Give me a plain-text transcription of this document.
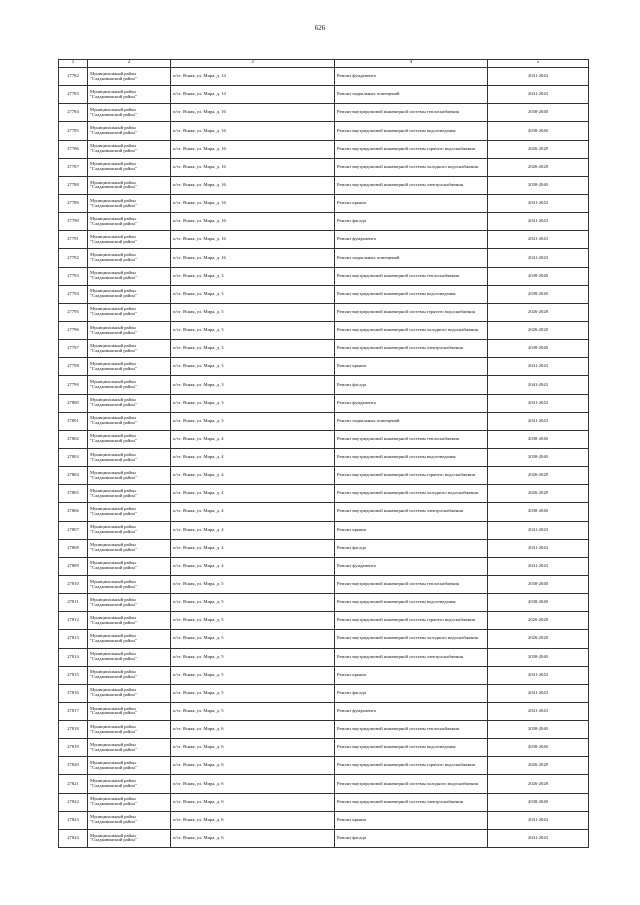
626
1	2	3	4	5
27782	Муниципальный район
"Сладковинский район"	п/ст. Ясная, ул. Мира, д. 14	Ремонт фундамента	2041-2043
27783	Муниципальный район
"Сладковинский район"	п/ст. Ясная, ул. Мира, д. 14	Ремонт подвальных помещений	2041-2043
27784	Муниципальный район
"Сладковинский район"	п/ст. Ясная, ул. Мира, д. 16	Ремонт внутридомовой инженерной системы теплоснабжения	2038-2040
27785	Муниципальный район
"Сладковинский район"	п/ст. Ясная, ул. Мира, д. 16	Ремонт внутридомовой инженерной системы водоотведения	2038-2040
27786	Муниципальный район
"Сладковинский район"	п/ст. Ясная, ул. Мира, д. 16	Ремонт внутридомовой инженерной системы горячего водоснабжения	2026-2028
27787	Муниципальный район
"Сладковинский район"	п/ст. Ясная, ул. Мира, д. 16	Ремонт внутридомовой инженерной системы холодного водоснабжения	2026-2028
27788	Муниципальный район
"Сладковинский район"	п/ст. Ясная, ул. Мира, д. 16	Ремонт внутридомовой инженерной системы электроснабжения	2038-2040
27789	Муниципальный район
"Сладковинский район"	п/ст. Ясная, ул. Мира, д. 16	Ремонт крыши	2041-2043
27790	Муниципальный район
"Сладковинский район"	п/ст. Ясная, ул. Мира, д. 16	Ремонт фасада	2041-2043
27791	Муниципальный район
"Сладковинский район"	п/ст. Ясная, ул. Мира, д. 16	Ремонт фундамента	2041-2043
27792	Муниципальный район
"Сладковинский район"	п/ст. Ясная, ул. Мира, д. 16	Ремонт подвальных помещений	2041-2043
27793	Муниципальный район
"Сладковинский район"	п/ст. Ясная, ул. Мира, д. 3	Ремонт внутридомовой инженерной системы теплоснабжения	2038-2040
27794	Муниципальный район
"Сладковинский район"	п/ст. Ясная, ул. Мира, д. 3	Ремонт внутридомовой инженерной системы водоотведения	2038-2040
27795	Муниципальный район
"Сладковинский район"	п/ст. Ясная, ул. Мира, д. 3	Ремонт внутридомовой инженерной системы горячего водоснабжения	2026-2028
27796	Муниципальный район
"Сладковинский район"	п/ст. Ясная, ул. Мира, д. 3	Ремонт внутридомовой инженерной системы холодного водоснабжения	2026-2028
27797	Муниципальный район
"Сладковинский район"	п/ст. Ясная, ул. Мира, д. 3	Ремонт внутридомовой инженерной системы электроснабжения	2038-2040
27798	Муниципальный район
"Сладковинский район"	п/ст. Ясная, ул. Мира, д. 3	Ремонт крыши	2041-2043
27799	Муниципальный район
"Сладковинский район"	п/ст. Ясная, ул. Мира, д. 3	Ремонт фасада	2041-2043
27800	Муниципальный район
"Сладковинский район"	п/ст. Ясная, ул. Мира, д. 3	Ремонт фундамента	2041-2043
27801	Муниципальный район
"Сладковинский район"	п/ст. Ясная, ул. Мира, д. 3	Ремонт подвальных помещений	2041-2043
27802	Муниципальный район
"Сладковинский район"	п/ст. Ясная, ул. Мира, д. 4	Ремонт внутридомовой инженерной системы теплоснабжения	2038-2040
27803	Муниципальный район
"Сладковинский район"	п/ст. Ясная, ул. Мира, д. 4	Ремонт внутридомовой инженерной системы водоотведения	2038-2040
27804	Муниципальный район
"Сладковинский район"	п/ст. Ясная, ул. Мира, д. 4	Ремонт внутридомовой инженерной системы горячего водоснабжения	2026-2028
27805	Муниципальный район
"Сладковинский район"	п/ст. Ясная, ул. Мира, д. 4	Ремонт внутридомовой инженерной системы холодного водоснабжения	2026-2028
27806	Муниципальный район
"Сладковинский район"	п/ст. Ясная, ул. Мира, д. 4	Ремонт внутридомовой инженерной системы электроснабжения	2038-2040
27807	Муниципальный район
"Сладковинский район"	п/ст. Ясная, ул. Мира, д. 4	Ремонт крыши	2041-2043
27808	Муниципальный район
"Сладковинский район"	п/ст. Ясная, ул. Мира, д. 4	Ремонт фасада	2041-2043
27809	Муниципальный район
"Сладковинский район"	п/ст. Ясная, ул. Мира, д. 4	Ремонт фундамента	2041-2043
27810	Муниципальный район
"Сладковинский район"	п/ст. Ясная, ул. Мира, д. 5	Ремонт внутридомовой инженерной системы теплоснабжения	2038-2040
27811	Муниципальный район
"Сладковинский район"	п/ст. Ясная, ул. Мира, д. 5	Ремонт внутридомовой инженерной системы водоотведения	2038-2040
27812	Муниципальный район
"Сладковинский район"	п/ст. Ясная, ул. Мира, д. 5	Ремонт внутридомовой инженерной системы горячего водоснабжения	2026-2028
27813	Муниципальный район
"Сладковинский район"	п/ст. Ясная, ул. Мира, д. 5	Ремонт внутридомовой инженерной системы холодного водоснабжения	2026-2028
27814	Муниципальный район
"Сладковинский район"	п/ст. Ясная, ул. Мира, д. 5	Ремонт внутридомовой инженерной системы электроснабжения	2038-2040
27815	Муниципальный район
"Сладковинский район"	п/ст. Ясная, ул. Мира, д. 5	Ремонт крыши	2041-2043
27816	Муниципальный район
"Сладковинский район"	п/ст. Ясная, ул. Мира, д. 5	Ремонт фасада	2041-2043
27817	Муниципальный район
"Сладковинский район"	п/ст. Ясная, ул. Мира, д. 5	Ремонт фундамента	2041-2043
27818	Муниципальный район
"Сладковинский район"	п/ст. Ясная, ул. Мира, д. 6	Ремонт внутридомовой инженерной системы теплоснабжения	2038-2040
27819	Муниципальный район
"Сладковинский район"	п/ст. Ясная, ул. Мира, д. 6	Ремонт внутридомовой инженерной системы водоотведения	2038-2040
27820	Муниципальный район
"Сладковинский район"	п/ст. Ясная, ул. Мира, д. 6	Ремонт внутридомовой инженерной системы горячего водоснабжения	2026-2028
27821	Муниципальный район
"Сладковинский район"	п/ст. Ясная, ул. Мира, д. 6	Ремонт внутридомовой инженерной системы холодного водоснабжения	2026-2028
27822	Муниципальный район
"Сладковинский район"	п/ст. Ясная, ул. Мира, д. 6	Ремонт внутридомовой инженерной системы электроснабжения	2038-2040
27823	Муниципальный район
"Сладковинский район"	п/ст. Ясная, ул. Мира, д. 6	Ремонт крыши	2041-2043
27824	Муниципальный район
"Сладковинский район"	п/ст. Ясная, ул. Мира, д. 6	Ремонт фасада	2041-2043
